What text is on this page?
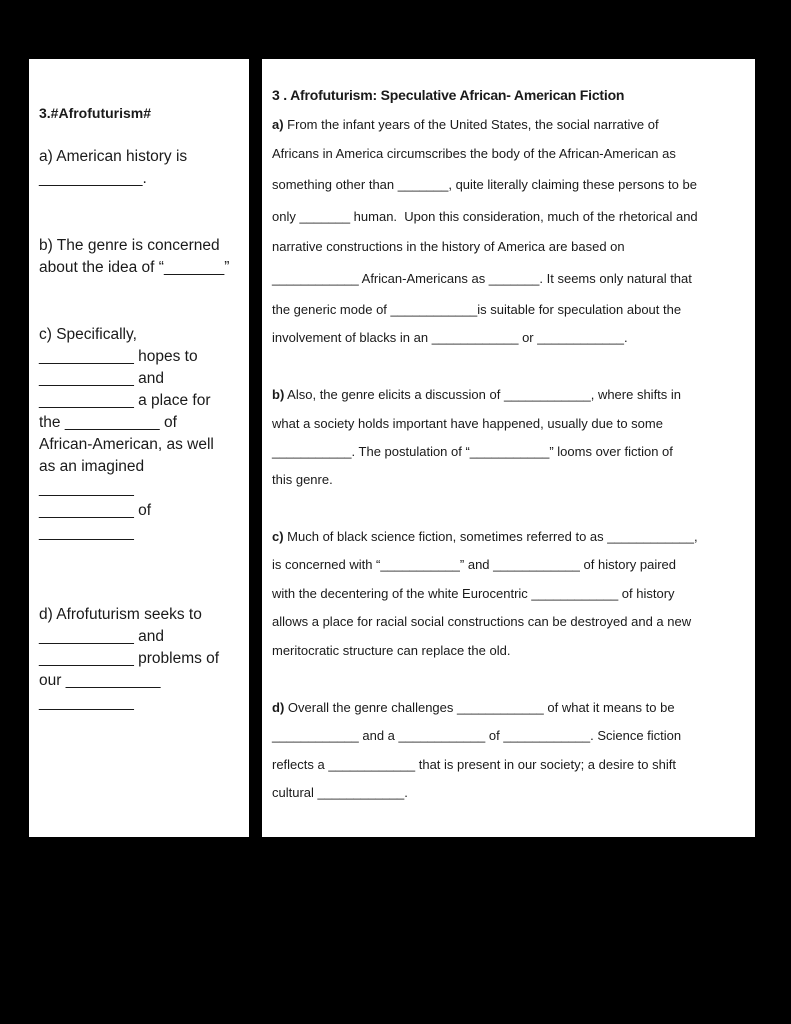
3.#Afrofuturism#

a) American history is

____________.

b) The genre is concerned

about the idea of “_______”

c) Specifically,

___________ hopes to

___________ and

___________ a place for

the ___________ of

African-American, as well

as an imagined

___________

___________ of

___________

d) Afrofuturism seeks to

___________ and

___________ problems of

our ___________

___________

3 . Afrofuturism: Speculative African- American Fiction

a) From the infant years of the United States, the social narrative of

Africans in America circumscribes the body of the African-American as

something other than _______, quite literally claiming these persons to be

only _______ human.  Upon this consideration, much of the rhetorical and

narrative constructions in the history of America are based on

____________ African-Americans as _______. It seems only natural that

the generic mode of ____________is suitable for speculation about the

involvement of blacks in an ____________ or ____________.

b) Also, the genre elicits a discussion of ____________, where shifts in

what a society holds important have happened, usually due to some

___________. The postulation of “___________” looms over fiction of

this genre.

c) Much of black science fiction, sometimes referred to as ____________,

is concerned with “___________” and ____________ of history paired

with the decentering of the white Eurocentric ____________ of history

allows a place for racial social constructions can be destroyed and a new

meritocratic structure can replace the old.

d) Overall the genre challenges ____________ of what it means to be

____________ and a ____________ of ____________. Science fiction

reflects a ____________ that is present in our society; a desire to shift

cultural ____________.
